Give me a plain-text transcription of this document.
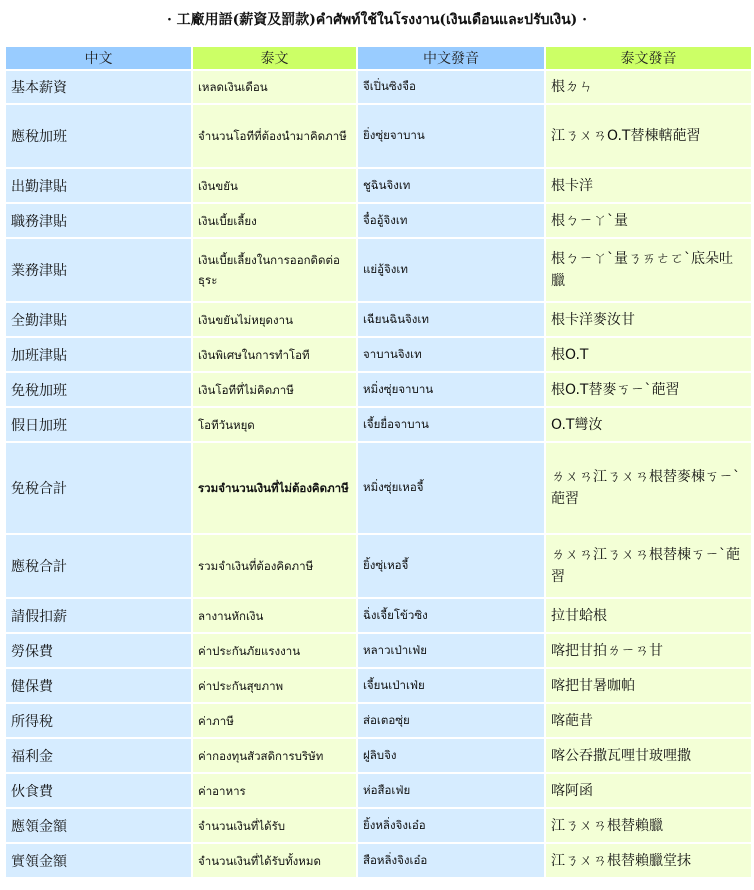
· 工廠用語(薪資及罰款)คำศัพท์ใช้ในโรงงาน(เงินเดือนและปรับเงิน) ·
中文	泰文	中文發音	泰文發音
基本薪資	เหลดเงินเดือน	จีเปิ่นซิงจือ	根ㄉㄣ
應稅加班	จำนวนโอทีที่ต้องนำมาคิดภาษี	ยิ่งซุ่ยจาบาน	江ㄋㄨㄢO.T替棟轄葩習
出勤津貼	เงินขยัน	ชูฉินจิงเท	根卡洋
職務津貼	เงินเบี้ยเลี้ยง	จื๋ออู้จิงเท	根ㄅㄧㄚˋ量
業務津貼	เงินเบี้ยเลี้ยงในการออกดิดต่อธุระ	แย่อู้จิงเท	根ㄅㄧㄚˋ量ㄋㄞㄜㄛˋ底朵吐臘
全勤津貼	เงินขยันไม่หยุดงาน	เฉียนฉินจิงเท	根卡洋麥汝甘
加班津貼	เงินพิเศษในการทำโอที	จาบานจิงเท	根O.T
免稅加班	เงินโอทีที่ไม่คิดภาษี	หมิ่งซุ่ยจาบาน	根O.T替麥ㄎㄧˋ葩習
假日加班	โอทีวันหยุด	เจี้ยยื่อจาบาน	O.T彎汝
免稅合計	รวมจำนวนเงินที่ไม่ต้องคิดภาษี	หมิ่งซุ่ยเหอจี้	ㄌㄨㄢ江ㄋㄨㄢ根替麥棟ㄎㄧˋ葩習
應稅合計	รวมจำเงินที่ต้องคิดภาษี	ยิ้งซุ่เหอจี้	ㄌㄨㄢ江ㄋㄨㄢ根替棟ㄎㄧˋ葩習
請假扣薪	ลางานหักเงิน	ฉิ่งเจี้ยโข้วซิง	拉甘蛤根
勞保費	ค่าประกันภัยแรงงาน	หลาวเป่าเฟ่ย	喀把甘拍ㄌㄧㄢ甘
健保費	ค่าประกันสุขภาพ	เจี้ยนเป่าเฟ่ย	喀把甘暑咖帕
所得稅	ค่าภาษี	ส่อเตอซุ่ย	喀葩昔
福利金	ค่ากองทุนสัวสดิการบริษัท	ฝูลิบจิง	喀公吞撒瓦哩甘玻哩撒
伙食費	ค่าอาหาร	ห่อสือเฟ่ย	喀阿函
應領金額	จำนวนเงินที่ได้รับ	ยิ้งหลิ่งจิงเอ๋อ	江ㄋㄨㄢ根替賴臘
實領金額	จำนวนเงินที่ได้รับทั้งหมด	สือหลิ่งจิงเอ๋อ	江ㄋㄨㄢ根替賴臘堂抹
